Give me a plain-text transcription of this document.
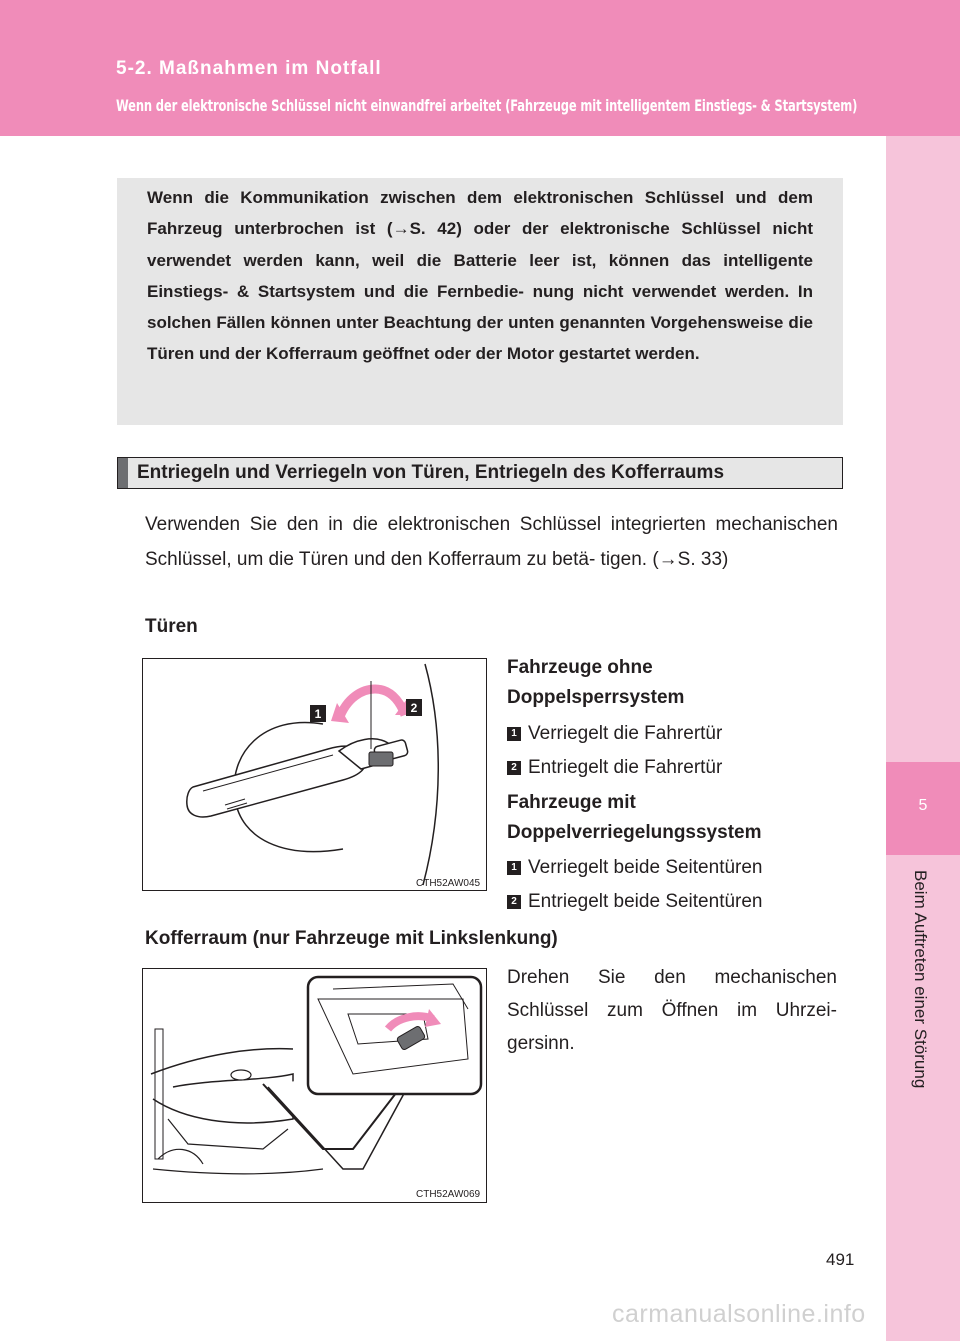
5-2. Maßnahmen im Notfall
Wenn der elektronische Schlüssel nicht einwandfrei arbeitet (Fahrzeuge mit intelligentem Einstiegs- & Startsystem)
5
Beim Auftreten einer Störung

Wenn die Kommunikation zwischen dem elektronischen Schlüssel und dem Fahrzeug unterbrochen ist (→S. 42) oder der elektronische Schlüssel nicht verwendet werden kann, weil die Batterie leer ist, können das intelligente Einstiegs- & Startsystem und die Fernbedie- nung nicht verwendet werden. In solchen Fällen können unter Beachtung der unten genannten Vorgehensweise die Türen und der Kofferraum geöffnet oder der Motor gestartet werden.

Entriegeln und Verriegeln von Türen, Entriegeln des Kofferraums

Verwenden Sie den in die elektronischen Schlüssel integrierten mechanischen Schlüssel, um die Türen und den Kofferraum zu betä- tigen. (→S. 33)

Türen
1	2
CTH52AW045
Fahrzeuge ohne
Doppelsperrsystem
1 Verriegelt die Fahrertür
2 Entriegelt die Fahrertür
Fahrzeuge mit
Doppelverriegelungssystem
1 Verriegelt beide Seitentüren
2 Entriegelt beide Seitentüren
Kofferraum (nur Fahrzeuge mit Linkslenkung)
CTH52AW069

Drehen Sie den mechanischen Schlüssel zum Öffnen im Uhrzei- gersinn.

491
carmanualsonline.info
